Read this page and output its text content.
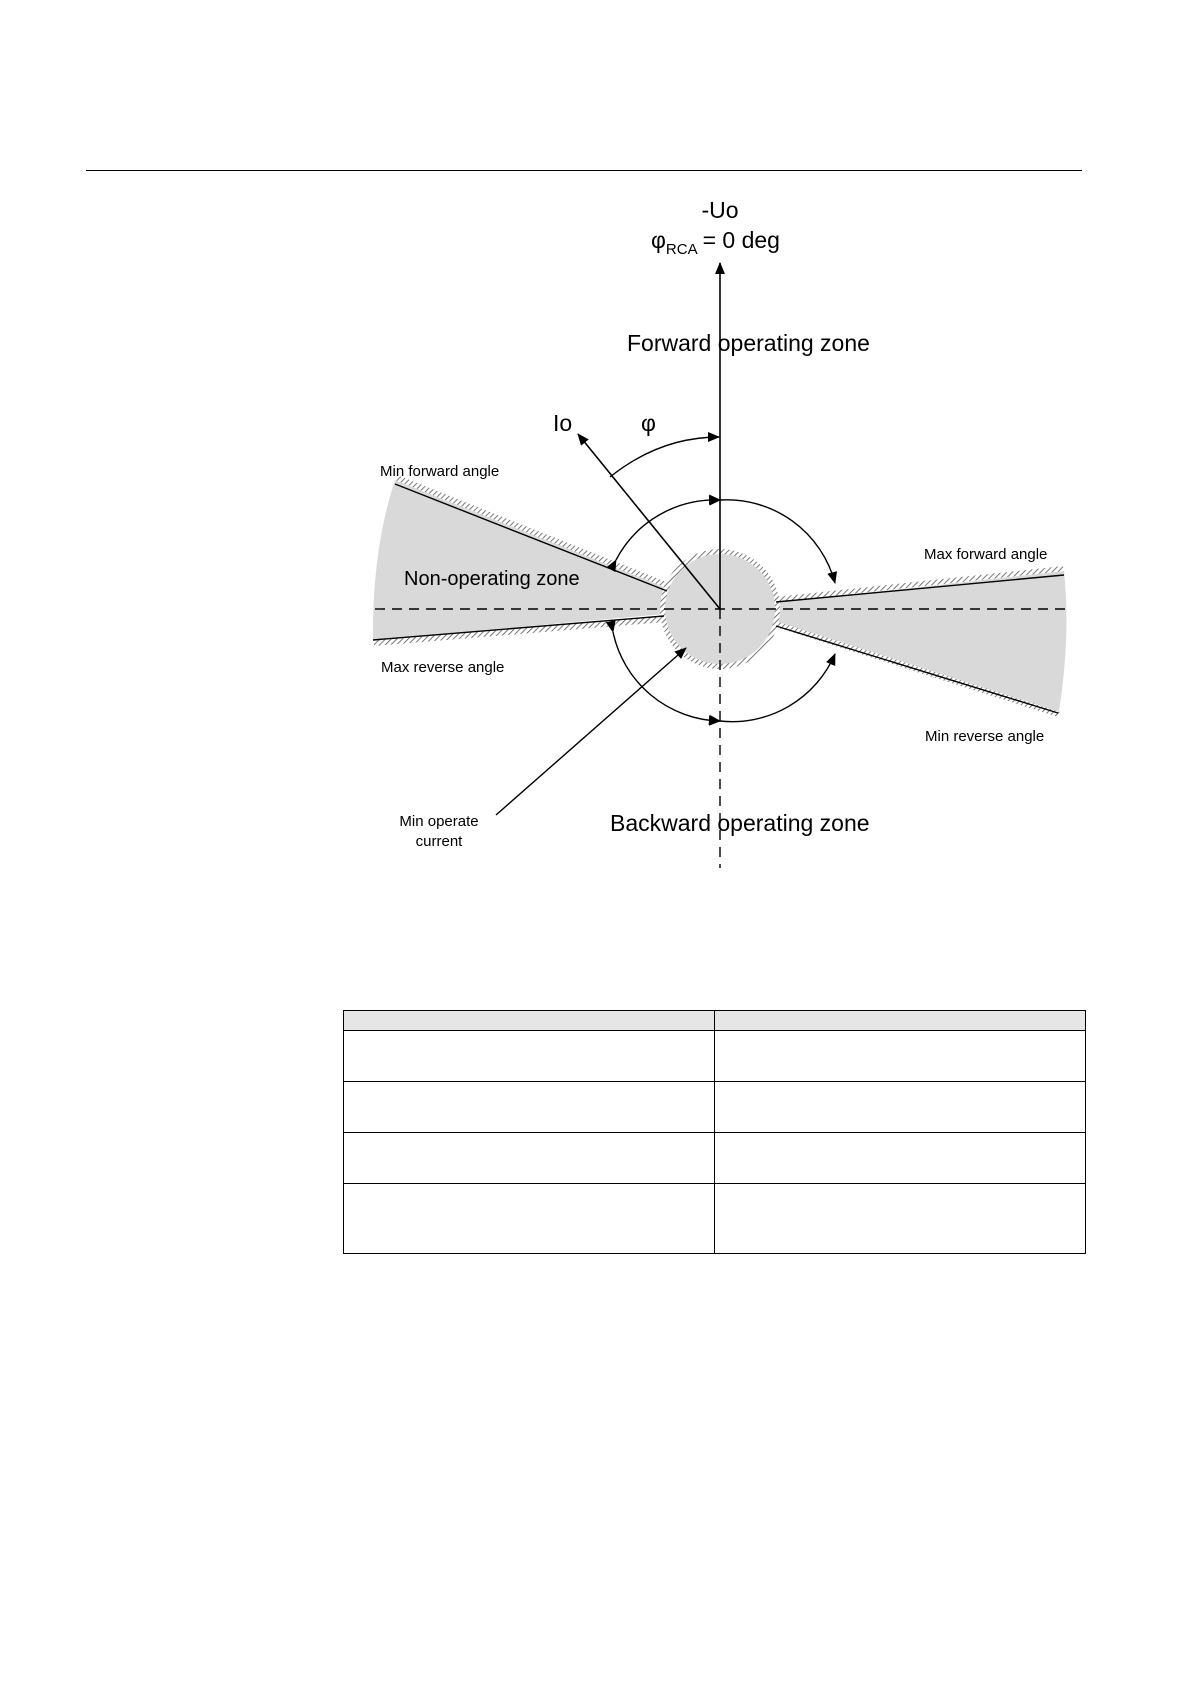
-Uo
$\varphi_{RCA} = 0$ deg
Forward operating zone
Backward operating zone
Io	φ
Non-operating zone
Min forward angle
Max forward angle
Max reverse angle
Min reverse angle
Min operate
current
